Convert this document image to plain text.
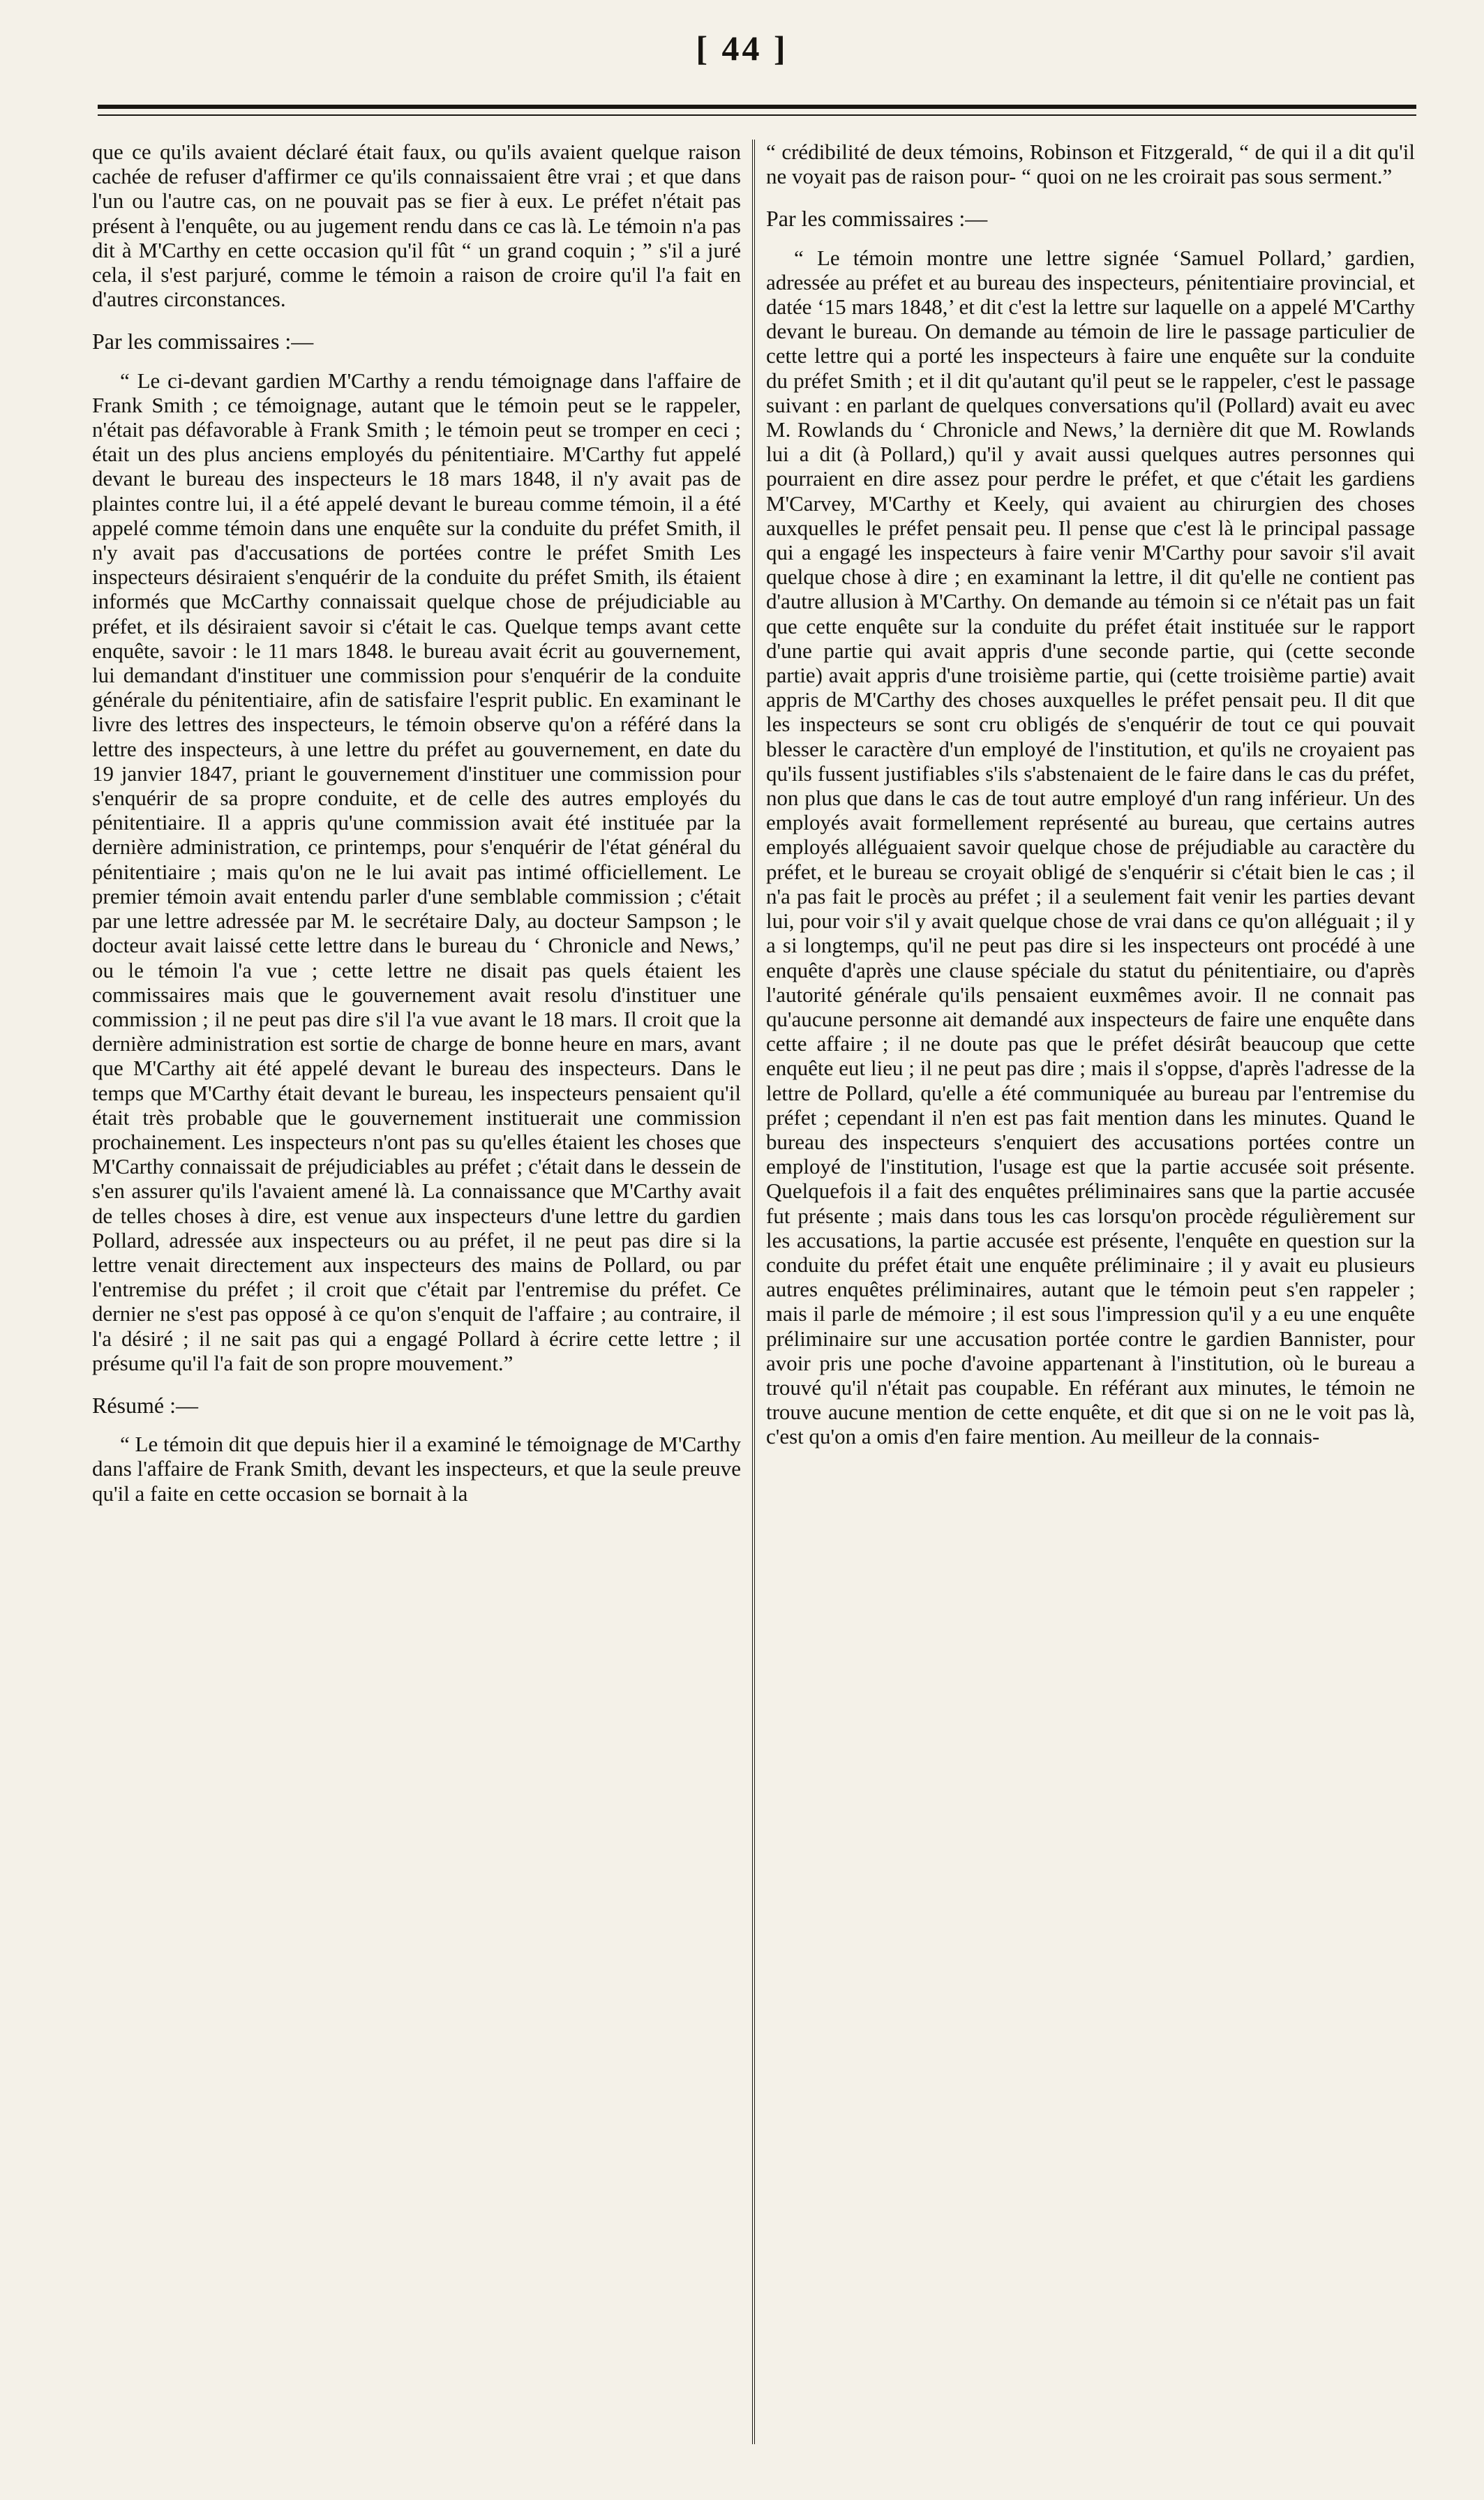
[ 44 ]

que ce qu'ils avaient déclaré était faux, ou qu'ils avaient quelque raison cachée de refuser d'affirmer ce qu'ils connaissaient être vrai ; et que dans l'un ou l'autre cas, on ne pouvait pas se fier à eux. Le préfet n'était pas présent à l'enquête, ou au jugement rendu dans ce cas là. Le témoin n'a pas dit à M'Carthy en cette occasion qu'il fût “ un grand coquin ; ” s'il a juré cela, il s'est parjuré, comme le témoin a raison de croire qu'il l'a fait en d'autres circonstances.

Par les commissaires :—

“ Le ci-devant gardien M'Carthy a rendu témoignage dans l'affaire de Frank Smith ; ce témoignage, autant que le témoin peut se le rappeler, n'était pas défavorable à Frank Smith ; le témoin peut se tromper en ceci ; était un des plus anciens employés du pénitentiaire. M'Carthy fut appelé devant le bureau des inspecteurs le 18 mars 1848, il n'y avait pas de plaintes contre lui, il a été appelé devant le bureau comme témoin, il a été appelé comme témoin dans une enquête sur la conduite du préfet Smith, il n'y avait pas d'accusations de portées contre le préfet Smith Les inspecteurs désiraient s'enquérir de la conduite du préfet Smith, ils étaient informés que McCarthy connaissait quelque chose de préjudiciable au préfet, et ils désiraient savoir si c'était le cas. Quelque temps avant cette enquête, savoir : le 11 mars 1848. le bureau avait écrit au gouvernement, lui demandant d'instituer une commission pour s'enquérir de la conduite générale du pénitentiaire, afin de satisfaire l'esprit public. En examinant le livre des lettres des inspecteurs, le témoin observe qu'on a référé dans la lettre des inspecteurs, à une lettre du préfet au gouvernement, en date du 19 janvier 1847, priant le gouvernement d'instituer une commission pour s'enquérir de sa propre conduite, et de celle des autres employés du pénitentiaire. Il a appris qu'une commission avait été instituée par la dernière administration, ce printemps, pour s'enquérir de l'état général du pénitentiaire ; mais qu'on ne le lui avait pas intimé officiellement. Le premier témoin avait entendu parler d'une semblable commission ; c'était par une lettre adressée par M. le secrétaire Daly, au docteur Sampson ; le docteur avait laissé cette lettre dans le bureau du ‘ Chronicle and News,’ ou le témoin l'a vue ; cette lettre ne disait pas quels étaient les commissaires mais que le gouvernement avait resolu d'instituer une commission ; il ne peut pas dire s'il l'a vue avant le 18 mars. Il croit que la dernière administration est sortie de charge de bonne heure en mars, avant que M'Carthy ait été appelé devant le bureau des inspecteurs. Dans le temps que M'Carthy était devant le bureau, les inspecteurs pensaient qu'il était très probable que le gouvernement instituerait une commission prochainement. Les inspecteurs n'ont pas su qu'elles étaient les choses que M'Carthy connaissait de préjudiciables au préfet ; c'était dans le dessein de s'en assurer qu'ils l'avaient amené là. La connaissance que M'Carthy avait de telles choses à dire, est venue aux inspecteurs d'une lettre du gardien Pollard, adressée aux inspecteurs ou au préfet, il ne peut pas dire si la lettre venait directement aux inspecteurs des mains de Pollard, ou par l'entremise du préfet ; il croit que c'était par l'entremise du préfet. Ce dernier ne s'est pas opposé à ce qu'on s'enquit de l'affaire ; au contraire, il l'a désiré ; il ne sait pas qui a engagé Pollard à écrire cette lettre ; il présume qu'il l'a fait de son propre mouvement.”

Résumé :—

“ Le témoin dit que depuis hier il a examiné le témoignage de M'Carthy dans l'affaire de Frank Smith, devant les inspecteurs, et que la seule preuve qu'il a faite en cette occasion se bornait à la

“ crédibilité de deux témoins, Robinson et Fitzgerald, “ de qui il a dit qu'il ne voyait pas de raison pour- “ quoi on ne les croirait pas sous serment.”

Par les commissaires :—

“ Le témoin montre une lettre signée ‘Samuel Pollard,’ gardien, adressée au préfet et au bureau des inspecteurs, pénitentiaire provincial, et datée ‘15 mars 1848,’ et dit c'est la lettre sur laquelle on a appelé M'Carthy devant le bureau. On demande au témoin de lire le passage particulier de cette lettre qui a porté les inspecteurs à faire une enquête sur la conduite du préfet Smith ; et il dit qu'autant qu'il peut se le rappeler, c'est le passage suivant : en parlant de quelques conversations qu'il (Pollard) avait eu avec M. Rowlands du ‘ Chronicle and News,’ la dernière dit que M. Rowlands lui a dit (à Pollard,) qu'il y avait aussi quelques autres personnes qui pourraient en dire assez pour perdre le préfet, et que c'était les gardiens M'Carvey, M'Carthy et Keely, qui avaient au chirurgien des choses auxquelles le préfet pensait peu. Il pense que c'est là le principal passage qui a engagé les inspecteurs à faire venir M'Carthy pour savoir s'il avait quelque chose à dire ; en examinant la lettre, il dit qu'elle ne contient pas d'autre allusion à M'Carthy. On demande au témoin si ce n'était pas un fait que cette enquête sur la conduite du préfet était instituée sur le rapport d'une partie qui avait appris d'une seconde partie, qui (cette seconde partie) avait appris d'une troisième partie, qui (cette troisième partie) avait appris de M'Carthy des choses auxquelles le préfet pensait peu. Il dit que les inspecteurs se sont cru obligés de s'enquérir de tout ce qui pouvait blesser le caractère d'un employé de l'institution, et qu'ils ne croyaient pas qu'ils fussent justifiables s'ils s'abstenaient de le faire dans le cas du préfet, non plus que dans le cas de tout autre employé d'un rang inférieur. Un des employés avait formellement représenté au bureau, que certains autres employés alléguaient savoir quelque chose de préjudiable au caractère du préfet, et le bureau se croyait obligé de s'enquérir si c'était bien le cas ; il n'a pas fait le procès au préfet ; il a seulement fait venir les parties devant lui, pour voir s'il y avait quelque chose de vrai dans ce qu'on alléguait ; il y a si longtemps, qu'il ne peut pas dire si les inspecteurs ont procédé à une enquête d'après une clause spéciale du statut du pénitentiaire, ou d'après l'autorité générale qu'ils pensaient euxmêmes avoir. Il ne connait pas qu'aucune personne ait demandé aux inspecteurs de faire une enquête dans cette affaire ; il ne doute pas que le préfet désirât beaucoup que cette enquête eut lieu ; il ne peut pas dire ; mais il s'oppse, d'après l'adresse de la lettre de Pollard, qu'elle a été communiquée au bureau par l'entremise du préfet ; cependant il n'en est pas fait mention dans les minutes. Quand le bureau des inspecteurs s'enquiert des accusations portées contre un employé de l'institution, l'usage est que la partie accusée soit présente. Quelquefois il a fait des enquêtes préliminaires sans que la partie accusée fut présente ; mais dans tous les cas lorsqu'on procède régulièrement sur les accusations, la partie accusée est présente, l'enquête en question sur la conduite du préfet était une enquête préliminaire ; il y avait eu plusieurs autres enquêtes préliminaires, autant que le témoin peut s'en rappeler ; mais il parle de mémoire ; il est sous l'impression qu'il y a eu une enquête préliminaire sur une accusation portée contre le gardien Bannister, pour avoir pris une poche d'avoine appartenant à l'institution, où le bureau a trouvé qu'il n'était pas coupable. En référant aux minutes, le témoin ne trouve aucune mention de cette enquête, et dit que si on ne le voit pas là, c'est qu'on a omis d'en faire mention. Au meilleur de la connais-
